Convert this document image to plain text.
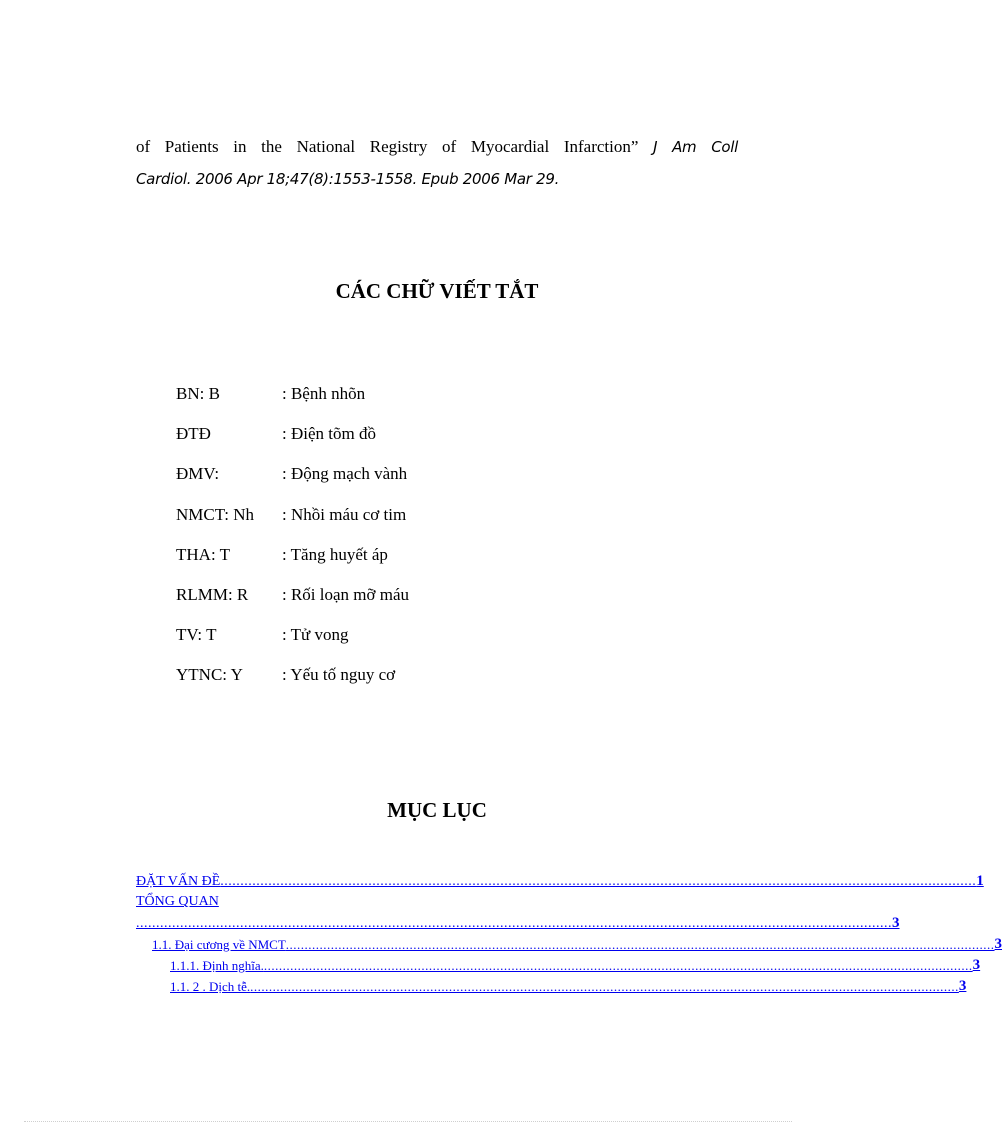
of Patients in the National Registry of Myocardial Infarction” J Am Coll
Cardiol. 2006 Apr 18;47(8):1553-1558. Epub 2006 Mar 29.
CÁC CHỮ VIẾT TẮT
BN: B	: Bệnh nhõn
ĐTĐ	: Điện tõm đồ
ĐMV:	: Động mạch vành
NMCT: Nh	: Nhồi máu cơ tim
THA: T	: Tăng huyết áp
RLMM: R	: Rối loạn mỡ máu
TV: T	: Tử vong
YTNC: Y	: Yếu tố nguy cơ
MỤC LỤC
ĐẶT VẤN ĐỀ ............................................................................................................................................................................................. 1
TỔNG QUAN
............................................................................................................................................................................................. 3
1.1. Đại cương về NMCT ............................................................................................................................................................................................. 3
1.1.1. Định nghĩa. ............................................................................................................................................................................................. 3
1.1. 2 . Dịch tễ. ............................................................................................................................................................................................. 3
